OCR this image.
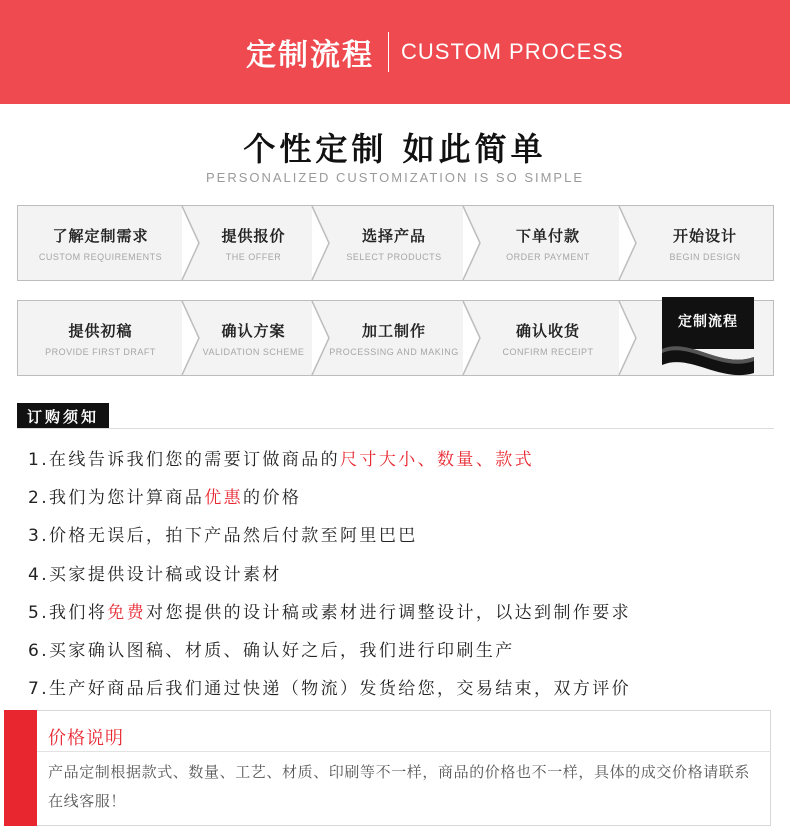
定制流程 CUSTOM PROCESS
个性定制 如此简单
PERSONALIZED CUSTOMIZATION IS SO SIMPLE
了解定制需求
CUSTOM REQUIREMENTS
提供报价
THE OFFER
选择产品
SELECT PRODUCTS
下单付款
ORDER PAYMENT
开始设计
BEGIN DESIGN
提供初稿
PROVIDE FIRST DRAFT
确认方案
VALIDATION SCHEME
加工制作
PROCESSING AND MAKING
确认收货
CONFIRM RECEIPT
定制流程
订购须知
1.在线告诉我们您的需要订做商品的 尺寸大小、数量、款式
2.我们为您计算商品 优惠 的价格
3.价格无误后，拍下产品然后付款至阿里巴巴
4.买家提供设计稿或设计素材
5.我们将 免费 对您提供的设计稿或素材进行调整设计，以达到制作要求
6.买家确认图稿、材质、确认好之后，我们进行印刷生产
7.生产好商品后我们通过快递（物流）发货给您，交易结束，双方评价
价格说明
产品定制根据款式、数量、工艺、材质、印刷等不一样，商品的价格也不一样，具体的成交价格请联系在线客服！
